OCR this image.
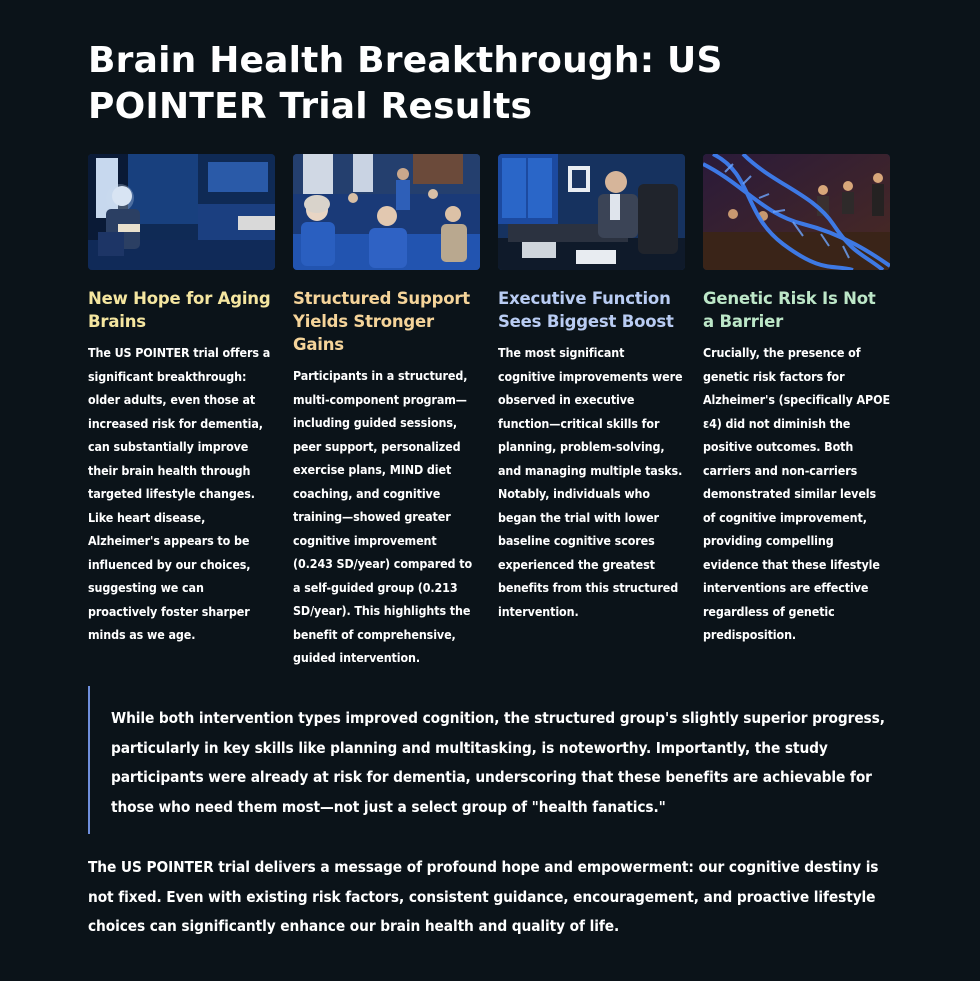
Brain Health Breakthrough: US POINTER Trial Results
New Hope for Aging Brains

The US POINTER trial offers a significant breakthrough: older adults, even those at increased risk for dementia, can substantially improve their brain health through targeted lifestyle changes. Like heart disease, Alzheimer's appears to be influenced by our choices, suggesting we can proactively foster sharper minds as we age.

Structured Support Yields Stronger Gains

Participants in a structured, multi-component program—including guided sessions, peer support, personalized exercise plans, MIND diet coaching, and cognitive training—showed greater cognitive improvement (0.243 SD/year) compared to a self-guided group (0.213 SD/year). This highlights the benefit of comprehensive, guided intervention.

Executive Function Sees Biggest Boost

The most significant cognitive improvements were observed in executive function—critical skills for planning, problem-solving, and managing multiple tasks. Notably, individuals who began the trial with lower baseline cognitive scores experienced the greatest benefits from this structured intervention.

Genetic Risk Is Not a Barrier

Crucially, the presence of genetic risk factors for Alzheimer's (specifically APOE ε4) did not diminish the positive outcomes. Both carriers and non-carriers demonstrated similar levels of cognitive improvement, providing compelling evidence that these lifestyle interventions are effective regardless of genetic predisposition.

While both intervention types improved cognition, the structured group's slightly superior progress, particularly in key skills like planning and multitasking, is noteworthy. Importantly, the study participants were already at risk for dementia, underscoring that these benefits are achievable for those who need them most—not just a select group of "health fanatics."

The US POINTER trial delivers a message of profound hope and empowerment: our cognitive destiny is not fixed. Even with existing risk factors, consistent guidance, encouragement, and proactive lifestyle choices can significantly enhance our brain health and quality of life.
